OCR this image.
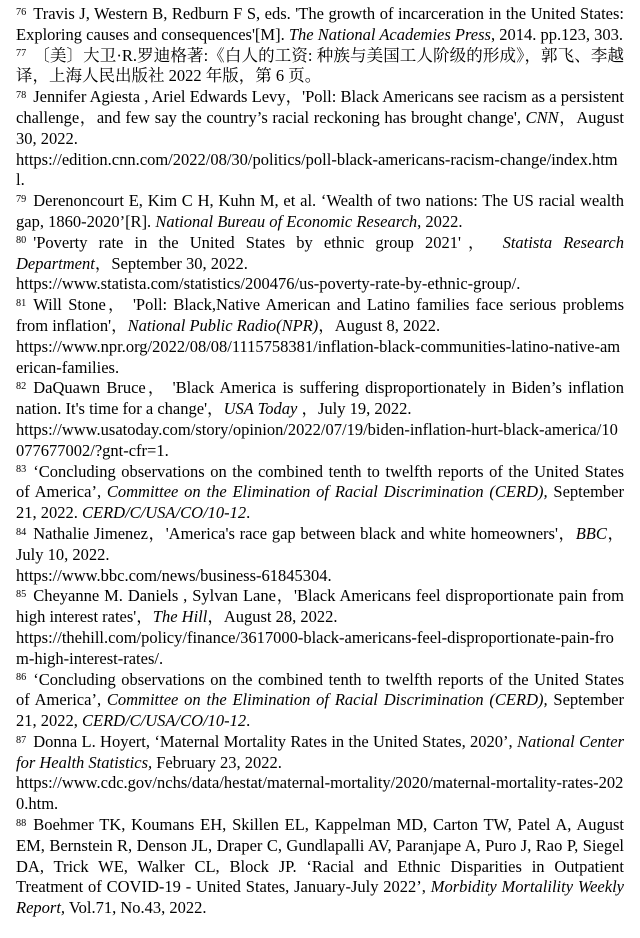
$^{76}$ Travis J, Western B, Redburn F S, eds. 'The growth of incarceration in the United States: Exploring causes and consequences'[M]. The National Academies Press, 2014. pp.123, 303.

$^{77}$ 〔美〕大卫·R.罗迪格著:《白人的工资: 种族与美国工人阶级的形成》，郭飞、李越译，上海人民出版社 2022 年版，第 6 页。

$^{78}$ Jennifer Agiesta , Ariel Edwards Levy，'Poll: Black Americans see racism as a persistent challenge，and few say the country’s racial reckoning has brought change', CNN，August 30, 2022.
https://edition.cnn.com/2022/08/30/politics/poll-black-americans-racism-change/index.html.

$^{79}$ Derenoncourt E, Kim C H, Kuhn M, et al. ‘Wealth of two nations: The US racial wealth gap, 1860-2020’[R]. National Bureau of Economic Research, 2022.

$^{80}$ 'Poverty rate in the United States by ethnic group 2021'， Statista Research Department，September 30, 2022.
https://www.statista.com/statistics/200476/us-poverty-rate-by-ethnic-group/.

$^{81}$ Will Stone， 'Poll: Black,Native American and Latino families face serious problems from inflation'，National Public Radio(NPR)，August 8, 2022.
https://www.npr.org/2022/08/08/1115758381/inflation-black-communities-latino-native-american-families.

$^{82}$ DaQuawn Bruce， 'Black America is suffering disproportionately in Biden’s inflation nation. It's time for a change'，USA Today ，July 19, 2022.
https://www.usatoday.com/story/opinion/2022/07/19/biden-inflation-hurt-black-america/10077677002/?gnt-cfr=1.

$^{83}$ ‘Concluding observations on the combined tenth to twelfth reports of the United States of America’, Committee on the Elimination of Racial Discrimination (CERD), September 21, 2022. CERD/C/USA/CO/10-12.

$^{84}$ Nathalie Jimenez，'America's race gap between black and white homeowners'，BBC，July 10, 2022.
https://www.bbc.com/news/business-61845304.

$^{85}$ Cheyanne M. Daniels , Sylvan Lane，'Black Americans feel disproportionate pain from high interest rates'，The Hill，August 28, 2022.
https://thehill.com/policy/finance/3617000-black-americans-feel-disproportionate-pain-from-high-interest-rates/.

$^{86}$ ‘Concluding observations on the combined tenth to twelfth reports of the United States of America’, Committee on the Elimination of Racial Discrimination (CERD), September 21, 2022, CERD/C/USA/CO/10-12.

$^{87}$ Donna L. Hoyert, ‘Maternal Mortality Rates in the United States, 2020’, National Center for Health Statistics, February 23, 2022.
https://www.cdc.gov/nchs/data/hestat/maternal-mortality/2020/maternal-mortality-rates-2020.htm.

$^{88}$ Boehmer TK, Koumans EH, Skillen EL, Kappelman MD, Carton TW, Patel A, August EM, Bernstein R, Denson JL, Draper C, Gundlapalli AV, Paranjape A, Puro J, Rao P, Siegel DA, Trick WE, Walker CL, Block JP. ‘Racial and Ethnic Disparities in Outpatient Treatment of COVID-19 - United States, January-July 2022’, Morbidity Mortalility Weekly Report, Vol.71, No.43, 2022.
